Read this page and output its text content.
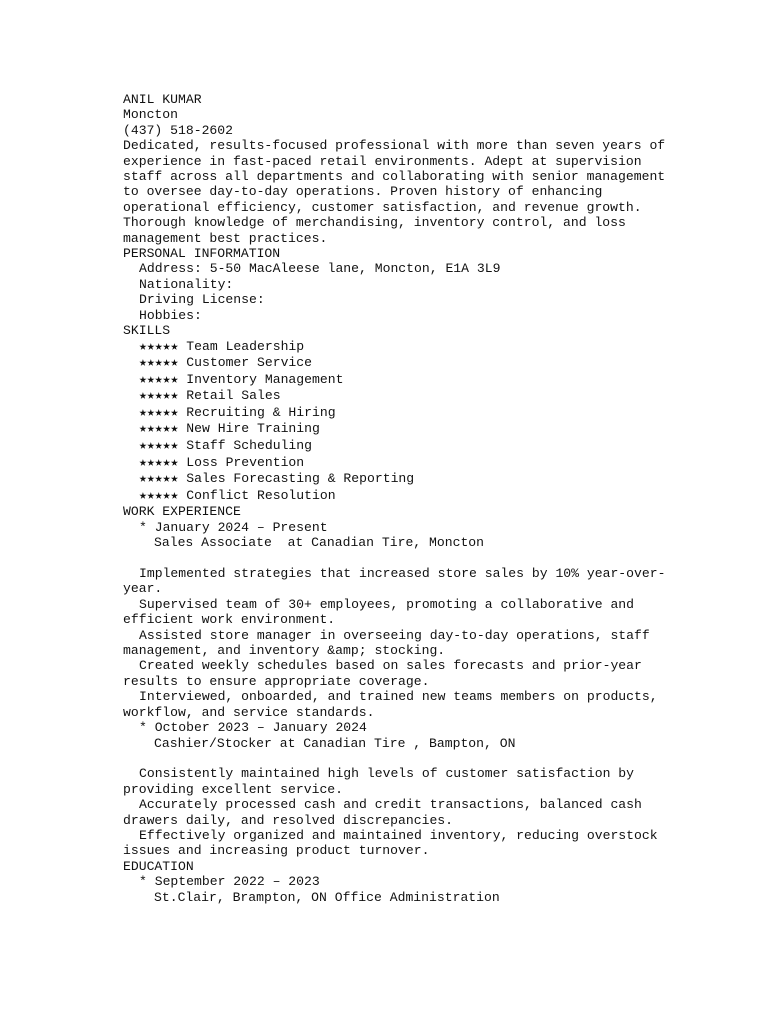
ANIL KUMAR
Moncton
(437) 518-2602
Dedicated, results-focused professional with more than seven years of experience in fast-paced retail environments. Adept at supervision staff across all departments and collaborating with senior management to oversee day-to-day operations. Proven history of enhancing operational efficiency, customer satisfaction, and revenue growth. Thorough knowledge of merchandising, inventory control, and loss management best practices.
PERSONAL INFORMATION
Address: 5-50 MacAleese lane, Moncton, E1A 3L9
Nationality:
Driving License:
Hobbies:
SKILLS
★★★★★ Team Leadership
★★★★★ Customer Service
★★★★★ Inventory Management
★★★★★ Retail Sales
★★★★★ Recruiting & Hiring
★★★★★ New Hire Training
★★★★★ Staff Scheduling
★★★★★ Loss Prevention
★★★★★ Sales Forecasting & Reporting
★★★★★ Conflict Resolution
WORK EXPERIENCE
* January 2024 – Present
Sales Associate  at Canadian Tire, Moncton
Implemented strategies that increased store sales by 10% year-over-year.
Supervised team of 30+ employees, promoting a collaborative and efficient work environment.
Assisted store manager in overseeing day-to-day operations, staff management, and inventory &amp; stocking.
Created weekly schedules based on sales forecasts and prior-year results to ensure appropriate coverage.
Interviewed, onboarded, and trained new teams members on products, workflow, and service standards.
* October 2023 – January 2024
Cashier/Stocker at Canadian Tire , Bampton, ON
Consistently maintained high levels of customer satisfaction by providing excellent service.
Accurately processed cash and credit transactions, balanced cash drawers daily, and resolved discrepancies.
Effectively organized and maintained inventory, reducing overstock issues and increasing product turnover.
EDUCATION
* September 2022 – 2023
St.Clair, Brampton, ON Office Administration
